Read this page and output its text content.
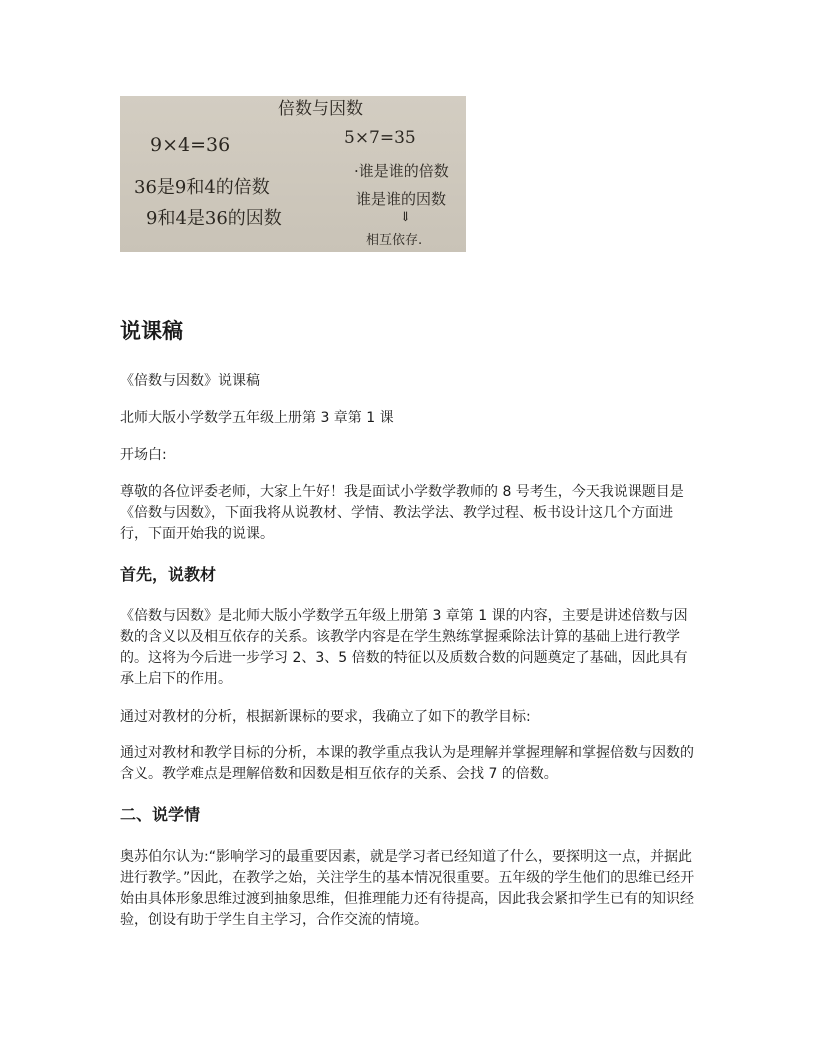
倍数与因数
5×7=35
9×4=36
·谁是谁的倍数
36是9和4的倍数
谁是谁的因数
⇓
9和4是36的因数
相互依存.
说课稿

《倍数与因数》说课稿

北师大版小学数学五年级上册第 3 章第 1 课

开场白:

尊敬的各位评委老师，大家上午好！我是面试小学数学教师的 8 号考生，今天我说课题目是《倍数与因数》，下面我将从说教材、学情、教法学法、教学过程、板书设计这几个方面进行，下面开始我的说课。

首先，说教材

《倍数与因数》是北师大版小学数学五年级上册第 3 章第 1 课的内容，主要是讲述倍数与因数的含义以及相互依存的关系。该教学内容是在学生熟练掌握乘除法计算的基础上进行教学的。这将为今后进一步学习 2、3、5 倍数的特征以及质数合数的问题奠定了基础，因此具有承上启下的作用。

通过对教材的分析，根据新课标的要求，我确立了如下的教学目标:

通过对教材和教学目标的分析，本课的教学重点我认为是理解并掌握理解和掌握倍数与因数的含义。教学难点是理解倍数和因数是相互依存的关系、会找 7 的倍数。

二、说学情

奥苏伯尔认为:“影响学习的最重要因素，就是学习者已经知道了什么，要探明这一点，并据此进行教学。”因此，在教学之始，关注学生的基本情况很重要。五年级的学生他们的思维已经开始由具体形象思维过渡到抽象思维，但推理能力还有待提高，因此我会紧扣学生已有的知识经验，创设有助于学生自主学习，合作交流的情境。
